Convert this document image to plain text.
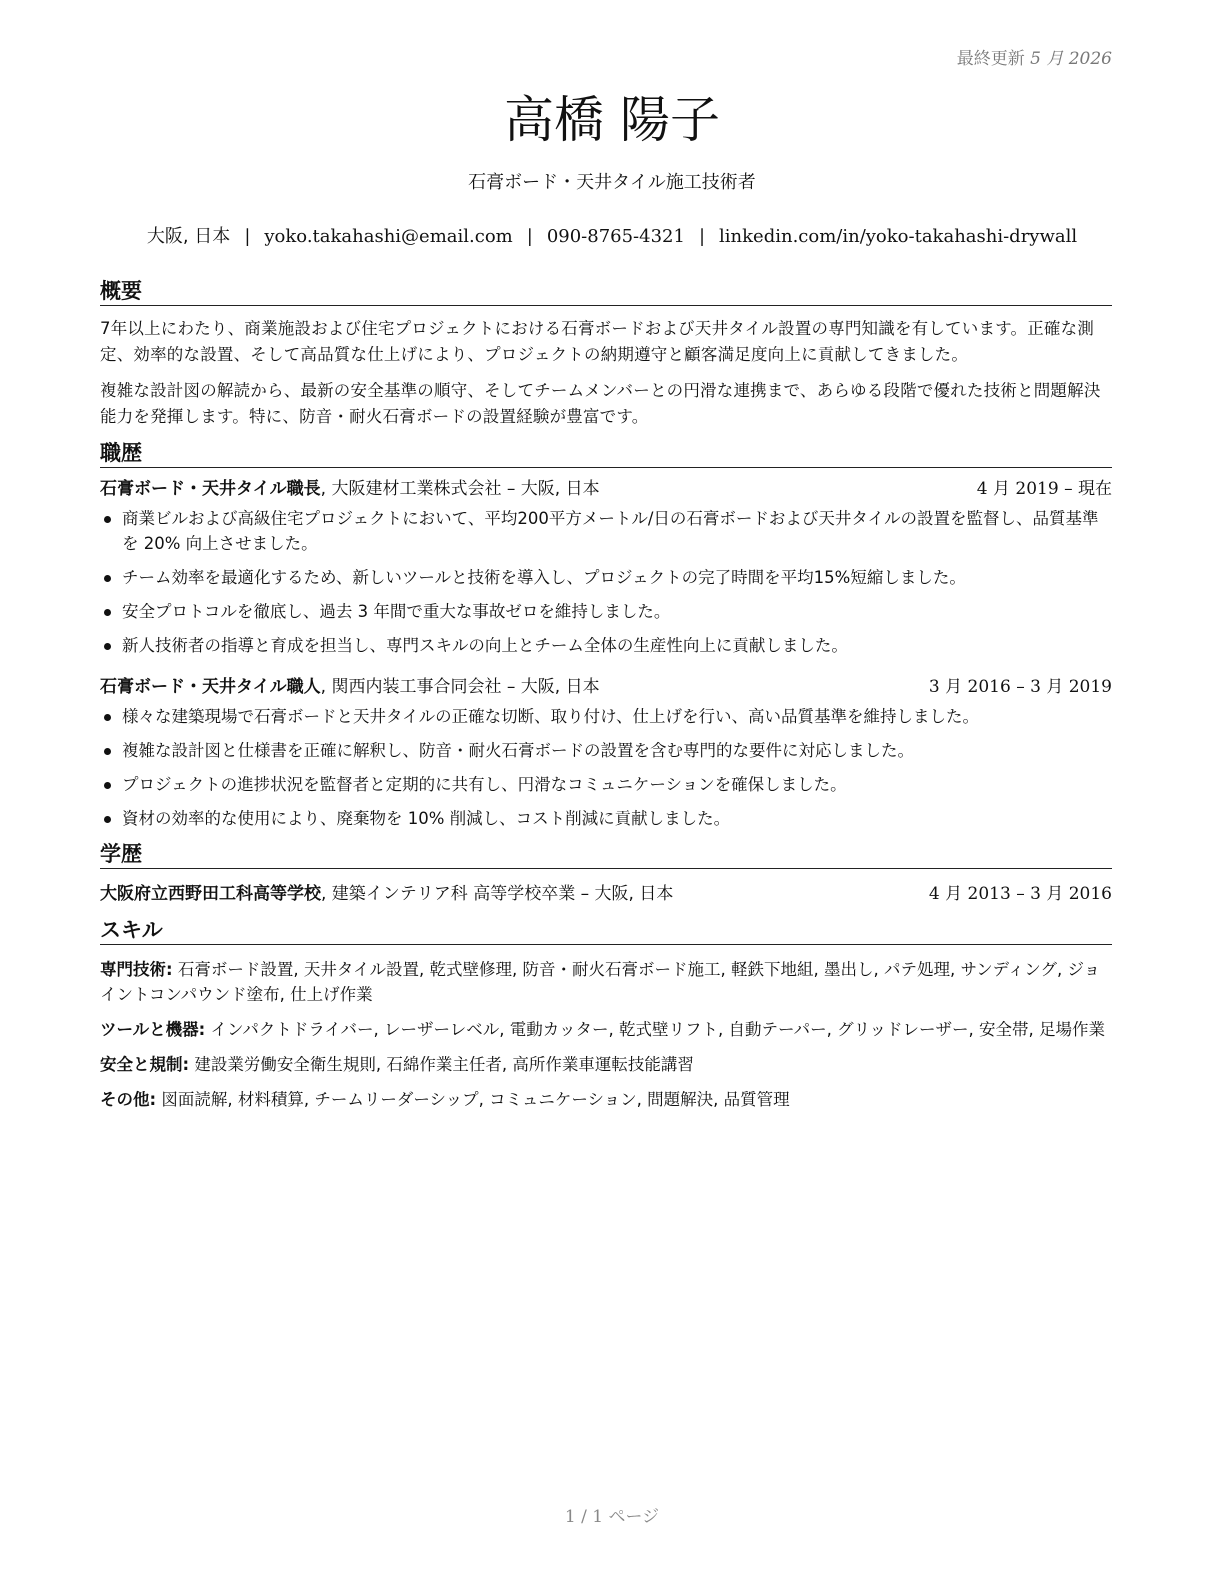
最終更新 5 月 2026
高橋 陽子
石膏ボード・天井タイル施工技術者
大阪, 日本 | yoko.takahashi@email.com | 090-8765-4321 | linkedin.com/in/yoko-takahashi-drywall
概要

7年以上にわたり、商業施設および住宅プロジェクトにおける石膏ボードおよび天井タイル設置の専門知識を有しています。正確な測定、効率的な設置、そして高品質な仕上げにより、プロジェクトの納期遵守と顧客満足度向上に貢献してきました。

複雑な設計図の解読から、最新の安全基準の順守、そしてチームメンバーとの円滑な連携まで、あらゆる段階で優れた技術と問題解決能力を発揮します。特に、防音・耐火石膏ボードの設置経験が豊富です。

職歴
石膏ボード・天井タイル職長, 大阪建材工業株式会社 – 大阪, 日本	4 月 2019 – 現在
商業ビルおよび高級住宅プロジェクトにおいて、平均200平方メートル/日の石膏ボードおよび天井タイルの設置を監督し、品質基準を 20% 向上させました。
チーム効率を最適化するため、新しいツールと技術を導入し、プロジェクトの完了時間を平均15%短縮しました。
安全プロトコルを徹底し、過去 3 年間で重大な事故ゼロを維持しました。
新人技術者の指導と育成を担当し、専門スキルの向上とチーム全体の生産性向上に貢献しました。
石膏ボード・天井タイル職人, 関西内装工事合同会社 – 大阪, 日本	3 月 2016 – 3 月 2019
様々な建築現場で石膏ボードと天井タイルの正確な切断、取り付け、仕上げを行い、高い品質基準を維持しました。
複雑な設計図と仕様書を正確に解釈し、防音・耐火石膏ボードの設置を含む専門的な要件に対応しました。
プロジェクトの進捗状況を監督者と定期的に共有し、円滑なコミュニケーションを確保しました。
資材の効率的な使用により、廃棄物を 10% 削減し、コスト削減に貢献しました。
学歴
大阪府立西野田工科高等学校, 建築インテリア科 高等学校卒業 – 大阪, 日本	4 月 2013 – 3 月 2016
スキル
専門技術: 石膏ボード設置, 天井タイル設置, 乾式壁修理, 防音・耐火石膏ボード施工, 軽鉄下地組, 墨出し, パテ処理, サンディング, ジョイントコンパウンド塗布, 仕上げ作業
ツールと機器: インパクトドライバー, レーザーレベル, 電動カッター, 乾式壁リフト, 自動テーパー, グリッドレーザー, 安全帯, 足場作業
安全と規制: 建設業労働安全衛生規則, 石綿作業主任者, 高所作業車運転技能講習
その他: 図面読解, 材料積算, チームリーダーシップ, コミュニケーション, 問題解決, 品質管理
1 / 1 ページ
